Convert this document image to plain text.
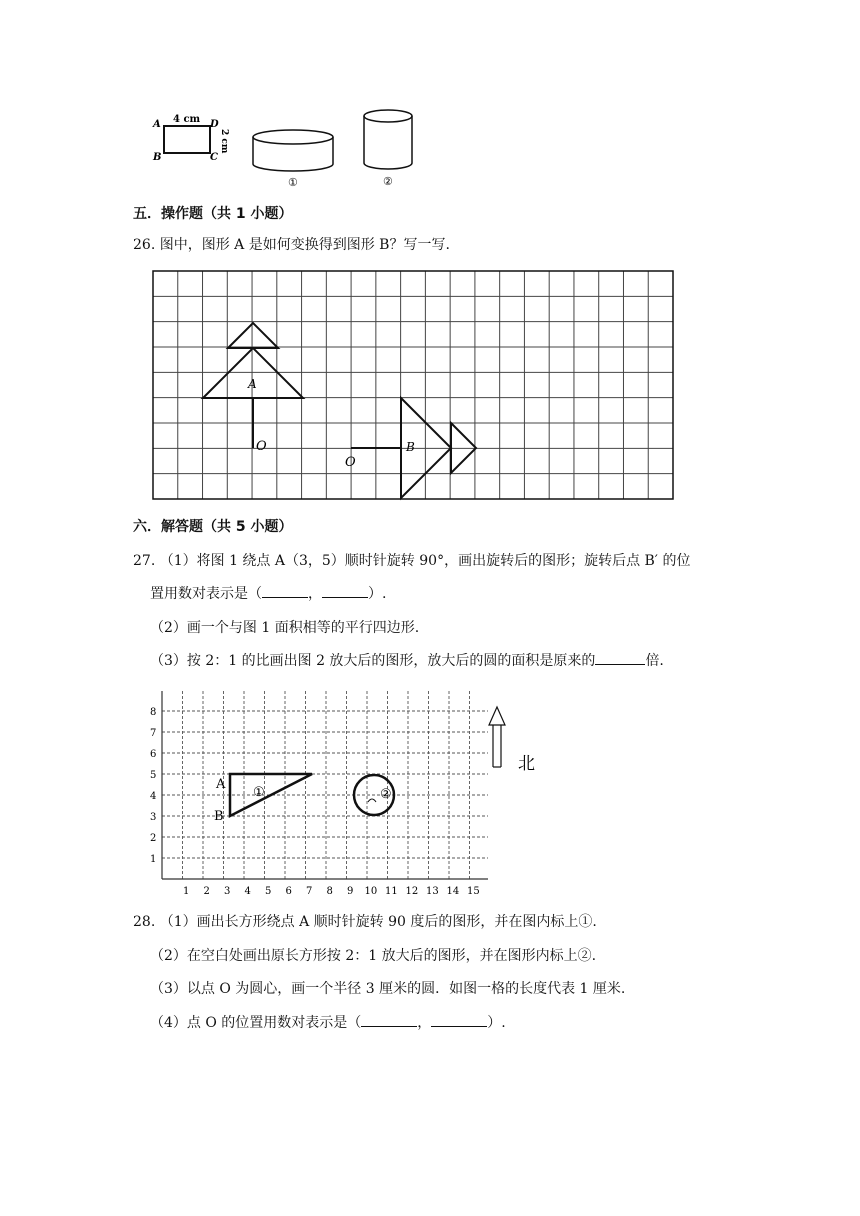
A
B	C
D
4 cm
2 cm
①	②
五．操作题（共 1 小题）
26. 图中，图形 A 是如何变换得到图形 B？写一写.
A
O	B
O
六．解答题（共 5 小题）
27. （1）将图 1 绕点 A（3，5）顺时针旋转 90°，画出旋转后的图形；旋转后点 B′ 的位
置用数对表示是（	，	）.
（2）画一个与图 1 面积相等的平行四边形.
（3）按 2：1 的比画出图 2 放大后的图形，放大后的圆的面积是原来的	倍.
1
2
3
4
5
6
7
8
1 2 3 4 5 6 7 8 9 10 11 12 13 14 15
A
B
①	②
北
28. （1）画出长方形绕点 A 顺时针旋转 90 度后的图形，并在图内标上①.
（2）在空白处画出原长方形按 2：1 放大后的图形，并在图形内标上②.
（3）以点 O 为圆心，画一个半径 3 厘米的圆．如图一格的长度代表 1 厘米.
（4）点 O 的位置用数对表示是（	，	）.
